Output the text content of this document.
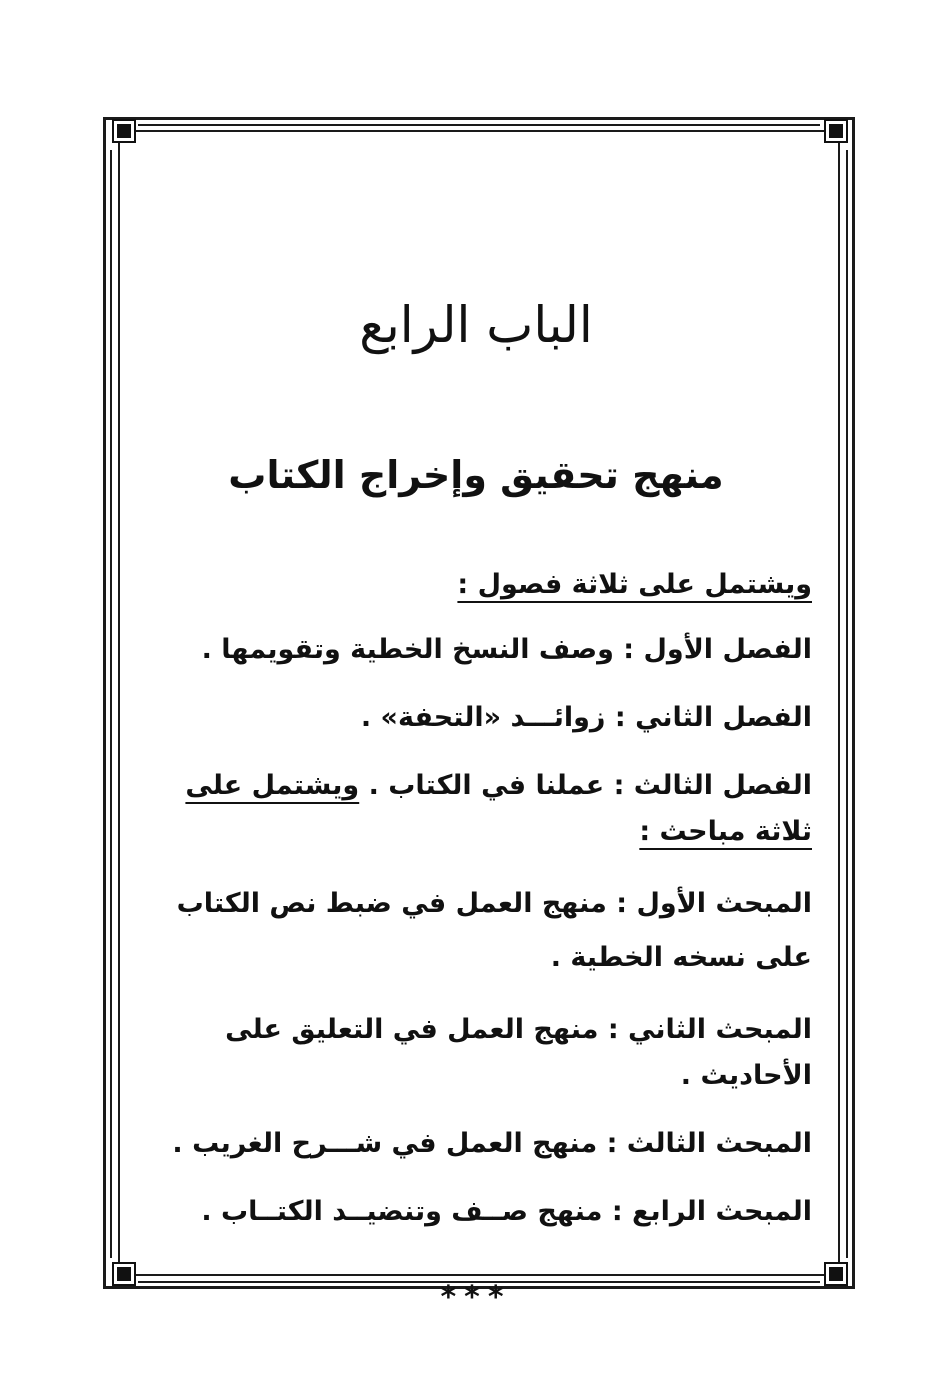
الباب الرابع
منهج تحقيق وإخراج الكتاب
ويشتمل على ثلاثة فصول :
الفصل الأول : وصف النسخ الخطية وتقويمها .
الفصل الثاني : زوائـــد «التحفة» .
الفصل الثالث : عملنا في الكتاب . ويشتمل على ثلاثة مباحث :
المبحث الأول : منهج العمل في ضبط نص الكتاب على نسخه الخطية .
المبحث الثاني : منهج العمل في التعليق على الأحاديث .
المبحث الثالث : منهج العمل في شـــرح الغريب .
المبحث الرابع : منهج صــف وتنضيــد الكتــاب .
***
